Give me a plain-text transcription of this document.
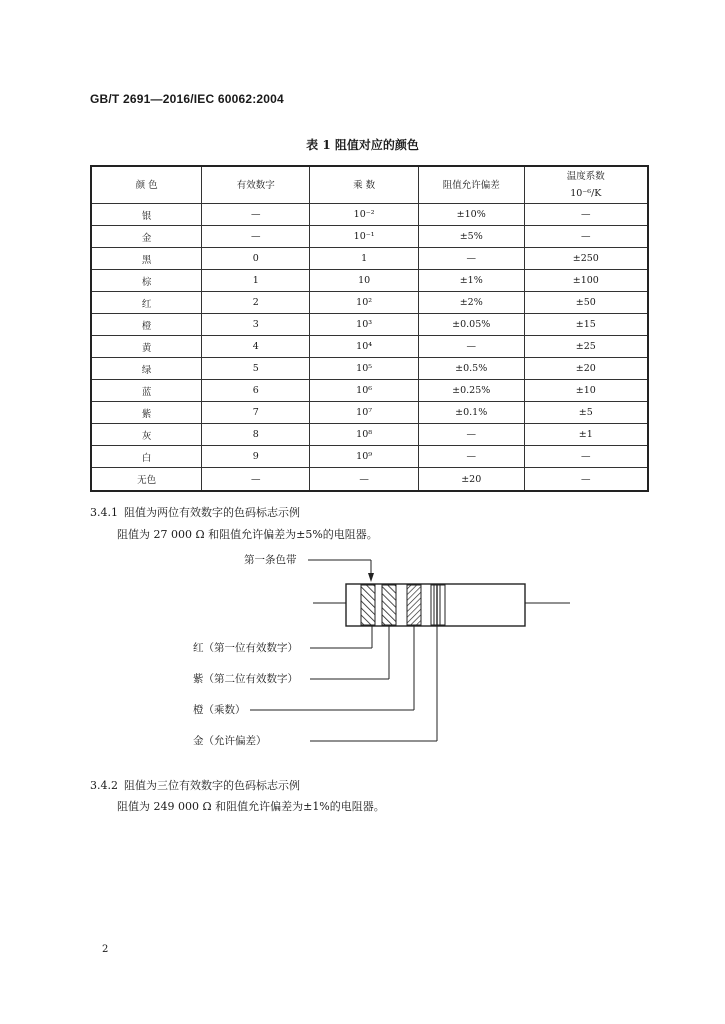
GB/T 2691—2016/IEC 60062:2004
表 1 阻值对应的颜色
颜 色	有效数字	乘 数	阻值允许偏差	温度系数
10⁻⁶/K
银	—	10⁻²	±10%	—
金	—	10⁻¹	±5%	—
黑	0	1	—	±250
棕	1	10	±1%	±100
红	2	10²	±2%	±50
橙	3	10³	±0.05%	±15
黄	4	10⁴	—	±25
绿	5	10⁵	±0.5%	±20
蓝	6	10⁶	±0.25%	±10
紫	7	10⁷	±0.1%	±5
灰	8	10⁸	—	±1
白	9	10⁹	—	—
无色	—	—	±20	—
3.4.1 阻值为两位有效数字的色码标志示例
阻值为 27 000 Ω 和阻值允许偏差为±5%的电阻器。
第一条色带
红（第一位有效数字）
紫（第二位有效数字）
橙（乘数）
金（允许偏差）
3.4.2 阻值为三位有效数字的色码标志示例
阻值为 249 000 Ω 和阻值允许偏差为±1%的电阻器。
2
